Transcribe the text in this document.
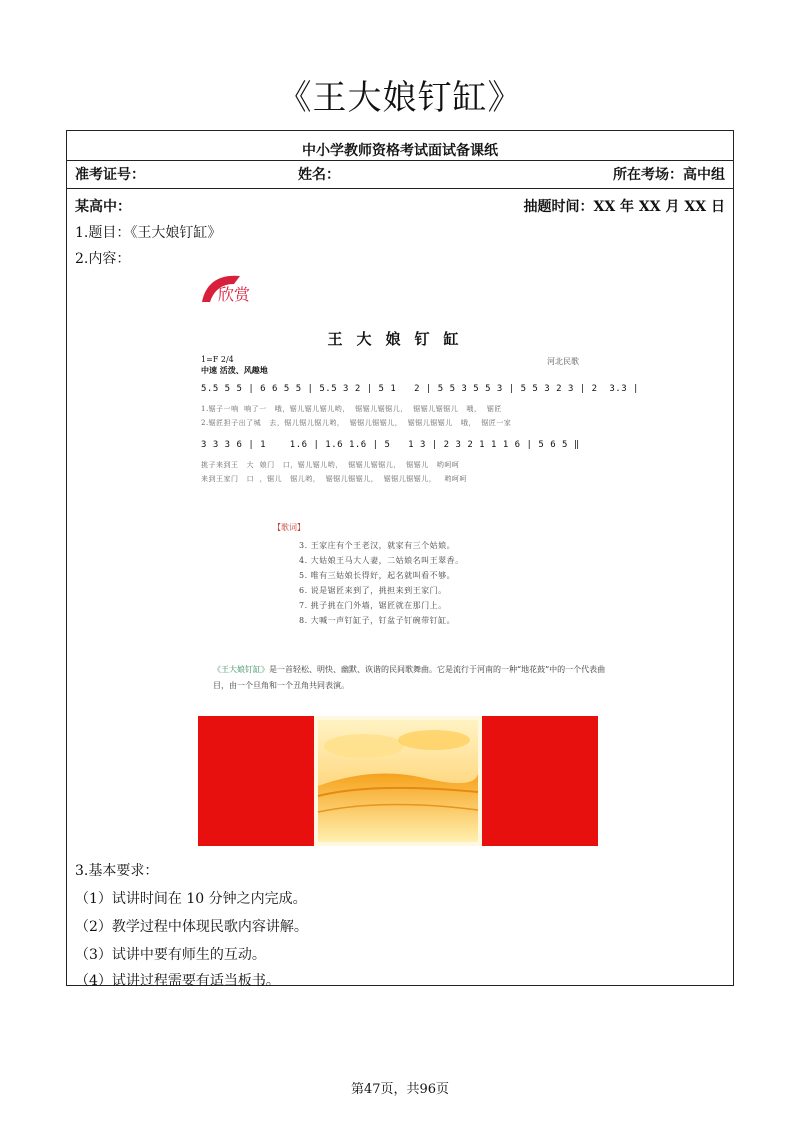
《王大娘钉缸》
中小学教师资格考试面试备课纸
准考证号：	姓名：	所在考场：高中组
某高中：	抽题时间：XX 年 XX 月 XX 日
1.题目：《王大娘钉缸》
2.内容：
欣赏
王大娘钉缸
1=F 2/4
中速 活泼、风趣地
河北民歌
5.5 5 5 | 6 6 5 5 | 5.5 3 2 | 5 1   2 | 5 5 3 5 5 3 | 5 5 3 2 3 | 2  3.3 |
1.锯子一响  响了一   哦，锯儿锯儿锯儿哟，  锯锯儿锯锯儿，  锯锯儿锯锯儿   哦，  锯匠
2.锯匠担子出了城   去，锯儿锯儿锯儿哟，  锯锯儿锯锯儿，  锯锯儿锯锯儿   哦，  锯匠一家
3 3 3 6 | 1    1.6 | 1.6 1.6 | 5   1 3 | 2 3 2 1 1 1 6 | 5 6 5 ‖
挑子来到王   大  娘门   口，锯儿锯儿哟，  锯锯儿锯锯儿，  锯锯儿   哟呵呵
来到王家门   口  ，锯儿   锯儿哟，  锯锯儿锯锯儿，  锯锯儿锯锯儿，   哟呵呵
【歌词】
3. 王家庄有个王老汉，就家有三个姑娘。
4. 大姑娘王马大人妻，二姑娘名叫王翠香。
5. 唯有三姑娘长得好，起名就叫看不够。
6. 说是锯匠来到了，挑担来到王家门。
7. 挑子挑在门外墙，锯匠就在那门上。
8. 大喊一声钉缸子，钉盆子钉碗带钉缸。
《王大娘钉缸》是一首轻松、明快、幽默、诙谐的民间歌舞曲。它是流行于河南的一种“地花鼓”中的一个代表曲目，由一个旦角和一个丑角共同表演。
3.基本要求：
（1）试讲时间在 10 分钟之内完成。
（2）教学过程中体现民歌内容讲解。
（3）试讲中要有师生的互动。
（4）试讲过程需要有适当板书。
第47页，共96页
